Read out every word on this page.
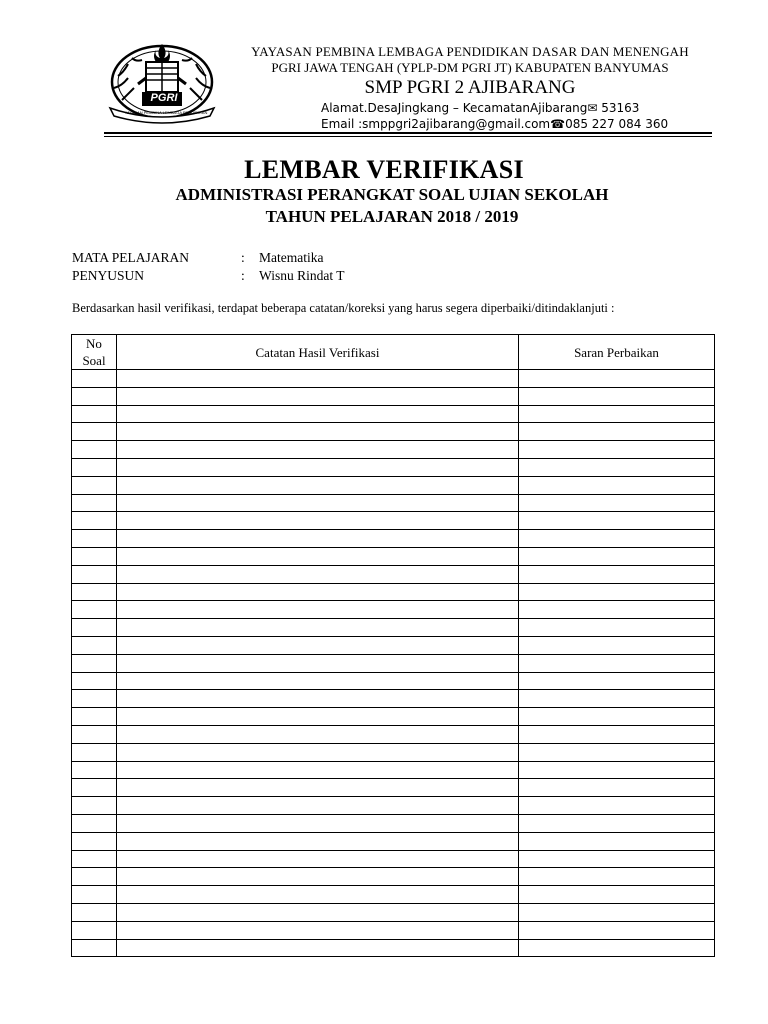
PGRI
YAYASAN PEMBINA LEMBAGA PENDIDIKAN
YAYASAN PEMBINA LEMBAGA PENDIDIKAN DASAR DAN MENENGAH
PGRI JAWA TENGAH (YPLP-DM PGRI JT) KABUPATEN BANYUMAS
SMP PGRI 2 AJIBARANG
Alamat.DesaJingkang – KecamatanAjibarang✉ 53163
Email :smppgri2ajibarang@gmail.com☎085 227 084 360
LEMBAR VERIFIKASI
ADMINISTRASI PERANGKAT SOAL UJIAN SEKOLAH
TAHUN PELAJARAN 2018 / 2019
MATA PELAJARAN	: Matematika
PENYUSUN	: Wisnu Rindat T
Berdasarkan hasil verifikasi, terdapat beberapa catatan/koreksi yang harus segera diperbaiki/ditindaklanjuti :
No
Soal	Catatan Hasil Verifikasi	Saran Perbaikan
